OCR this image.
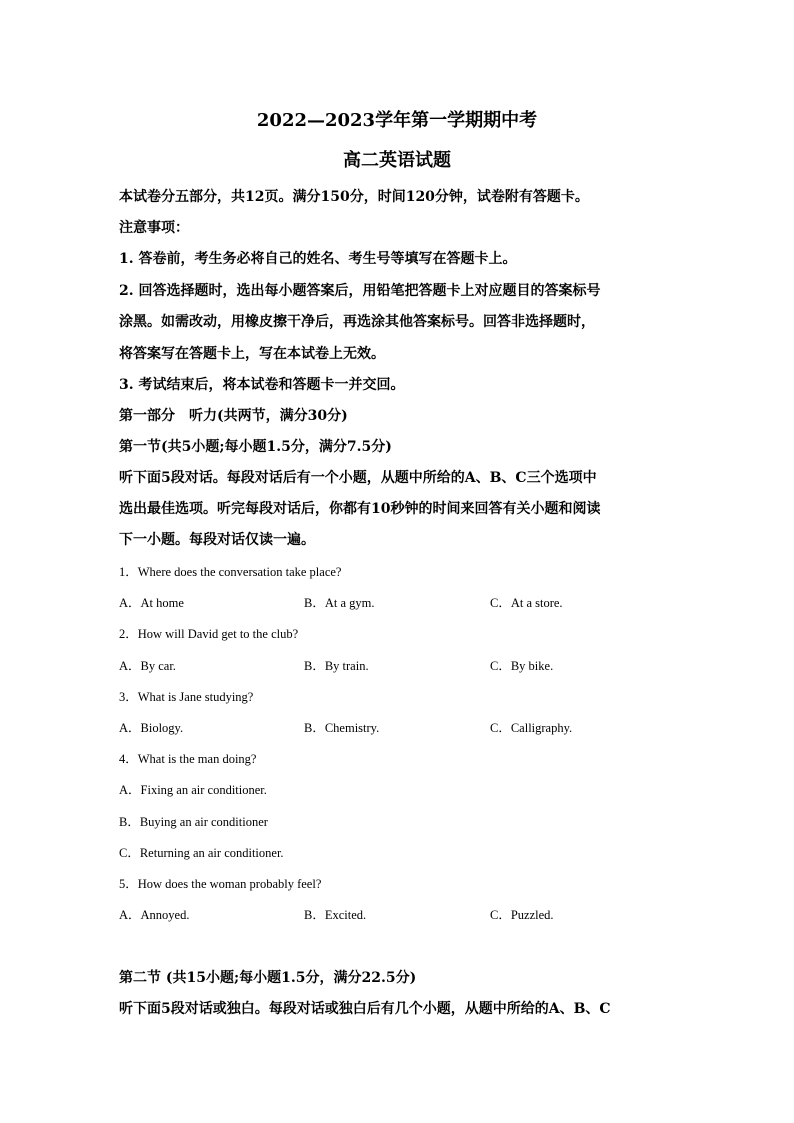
2022—2023学年第一学期期中考
高二英语试题
本试卷分五部分，共12页。满分150分，时间120分钟，试卷附有答题卡。
注意事项：
1. 答卷前，考生务必将自己的姓名、考生号等填写在答题卡上。
2. 回答选择题时，选出每小题答案后，用铅笔把答题卡上对应题目的答案标号
涂黑。如需改动，用橡皮擦干净后，再选涂其他答案标号。回答非选择题时，
将答案写在答题卡上，写在本试卷上无效。
3. 考试结束后，将本试卷和答题卡一并交回。
第一部分　听力(共两节，满分30分)
第一节(共5小题;每小题1.5分，满分7.5分)
听下面5段对话。每段对话后有一个小题，从题中所给的A、B、C三个选项中
选出最佳选项。听完每段对话后，你都有10秒钟的时间来回答有关小题和阅读
下一小题。每段对话仅读一遍。
1．Where does the conversation take place?
A．At home	B．At a gym.	C．At a store.
2．How will David get to the club?
A．By car.	B．By train.	C．By bike.
3．What is Jane studying?
A．Biology.	B．Chemistry.	C．Calligraphy.
4．What is the man doing?
A．Fixing an air conditioner.
B．Buying an air conditioner
C．Returning an air conditioner.
5．How does the woman probably feel?
A．Annoyed.	B．Excited.	C．Puzzled.
第二节 (共15小题;每小题1.5分，满分22.5分)
听下面5段对话或独白。每段对话或独白后有几个小题，从题中所给的A、B、C
